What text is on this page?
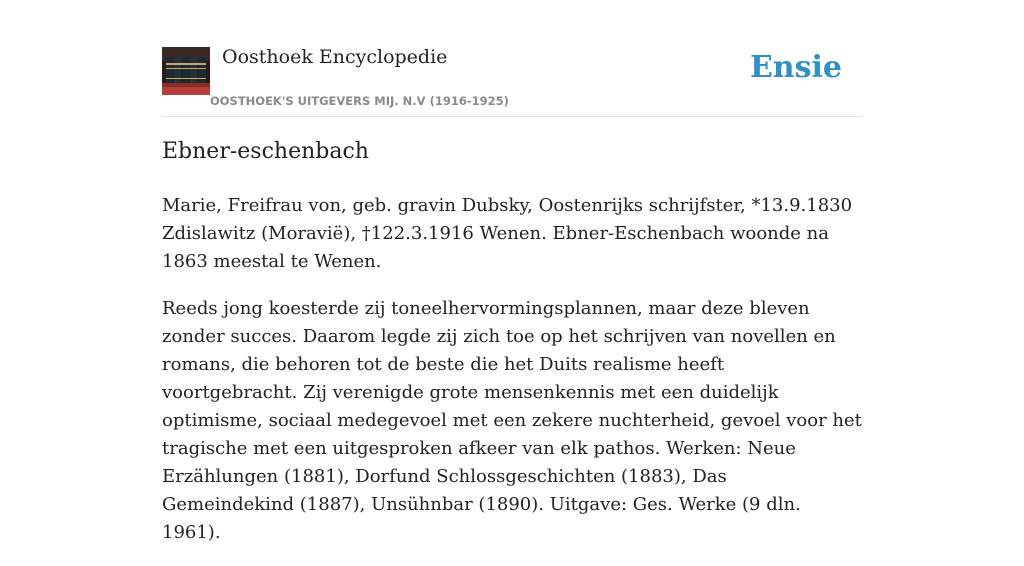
Oosthoek Encyclopedie
OOSTHOEK'S UITGEVERS MIJ. N.V (1916-1925)
Ensie
Ebner-eschenbach

Marie, Freifrau von, geb. gravin Dubsky, Oostenrijks schrijfster, *13.9.1830 Zdislawitz (Moravië), †122.3.1916 Wenen. Ebner-Eschenbach woonde na 1863 meestal te Wenen.

Reeds jong koesterde zij toneelhervormingsplannen, maar deze bleven zonder succes. Daarom legde zij zich toe op het schrijven van novellen en romans, die behoren tot de beste die het Duits realisme heeft voortgebracht. Zij verenigde grote mensenkennis met een duidelijk optimisme, sociaal medegevoel met een zekere nuchterheid, gevoel voor het tragische met een uitgesproken afkeer van elk pathos. Werken: Neue Erzählungen (1881), Dorfund Schlossgeschichten (1883), Das Gemeindekind (1887), Unsühnbar (1890). Uitgave: Ges. Werke (9 dln. 1961).
